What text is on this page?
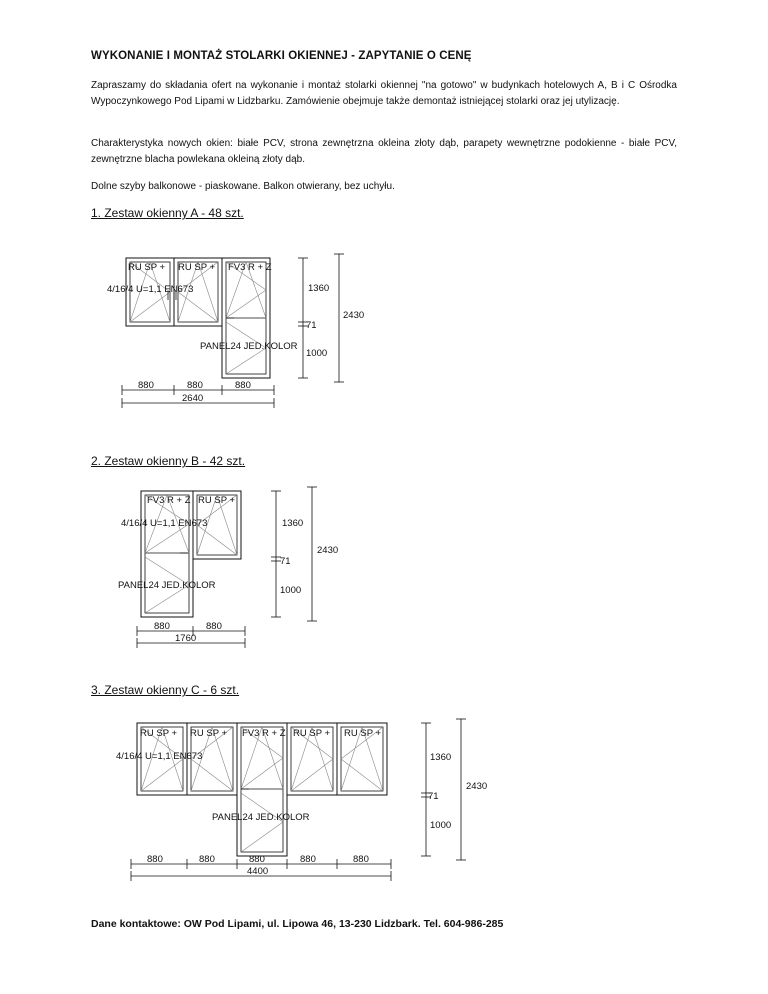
WYKONANIE I MONTAŻ STOLARKI OKIENNEJ - ZAPYTANIE O CENĘ
Zapraszamy do składania ofert na wykonanie i montaż stolarki okiennej "na gotowo" w budynkach hotelowych A, B i C Ośrodka Wypoczynkowego Pod Lipami w Lidzbarku. Zamówienie obejmuje także demontaż istniejącej stolarki oraz jej utylizację.
Charakterystyka nowych okien: białe PCV, strona zewnętrzna okleina złoty dąb, parapety wewnętrzne podokienne - białe PCV, zewnętrzne blacha powlekana okleiną złoty dąb.
Dolne szyby balkonowe - piaskowane. Balkon otwierany, bez uchyłu.
1. Zestaw okienny A - 48 szt.
2. Zestaw okienny B - 42 szt.
3. Zestaw okienny C - 6 szt.
RU SP + RU SP + FV3 R + Z
4/16/4 U=1,1 EN673
PANEL24 JED.KOLOR
1360
71
1000
2430
880	880	880
2640
FV3 R + Z RU SP +
4/16/4 U=1,1 EN673
PANEL24 JED.KOLOR
1360
71
1000
2430
880	880
1760
RU SP + RU SP + FV3 R + Z RU SP + RU SP +
4/16/4 U=1,1 EN673
PANEL24 JED.KOLOR
1360
71
1000
2430
880	880	880	880	880
4400
Dane kontaktowe: OW Pod Lipami, ul. Lipowa 46, 13-230 Lidzbark. Tel. 604-986-285
